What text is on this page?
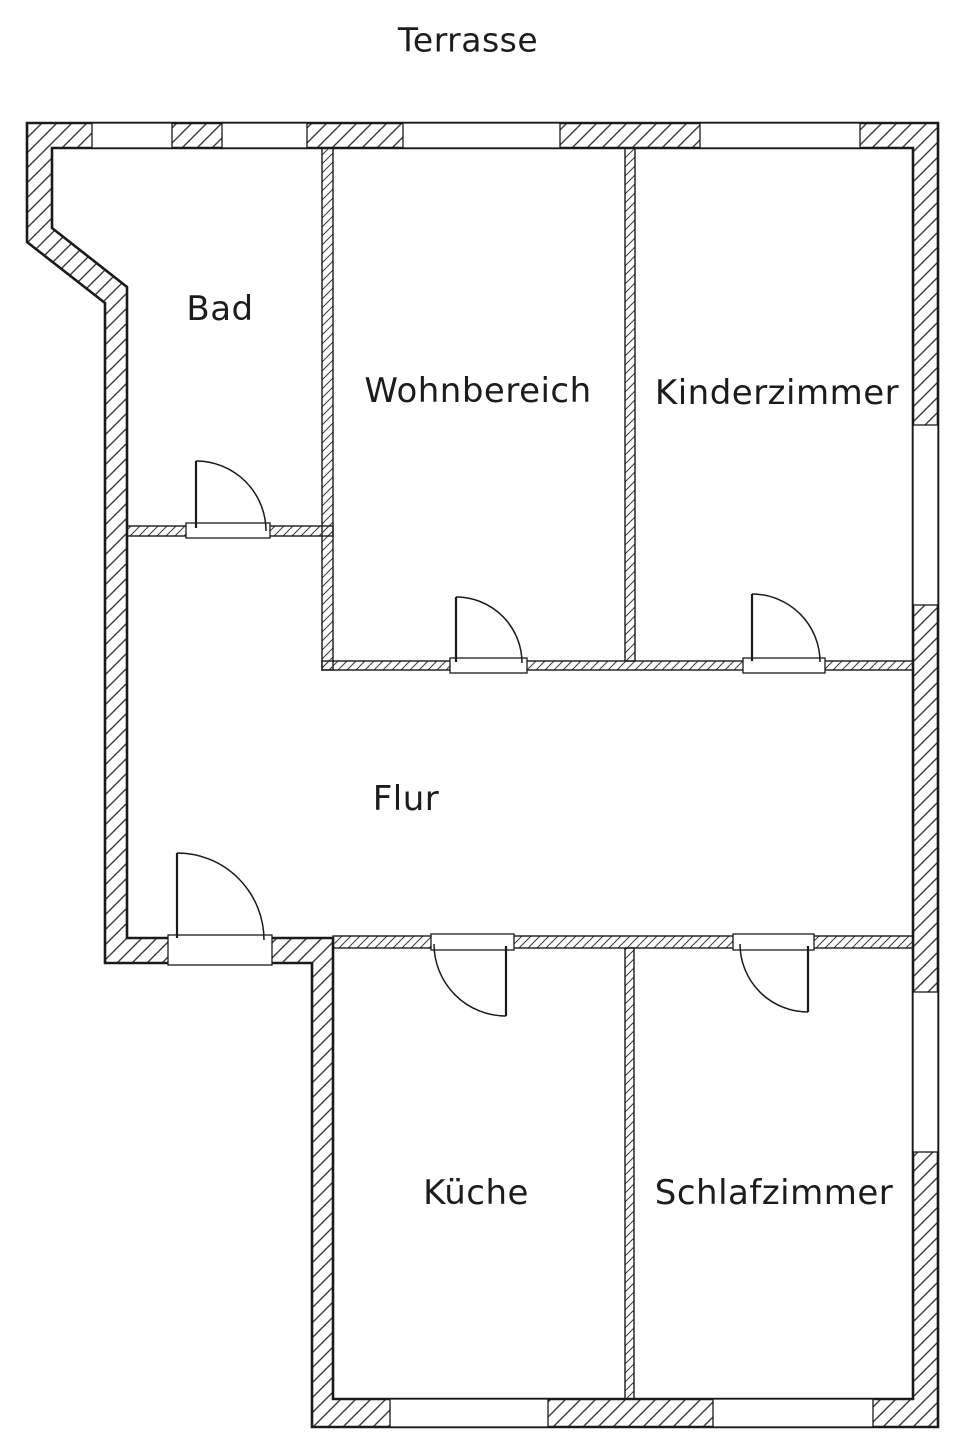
Terrasse
Bad
Wohnbereich Kinderzimmer
Flur
Küche	Schlafzimmer
